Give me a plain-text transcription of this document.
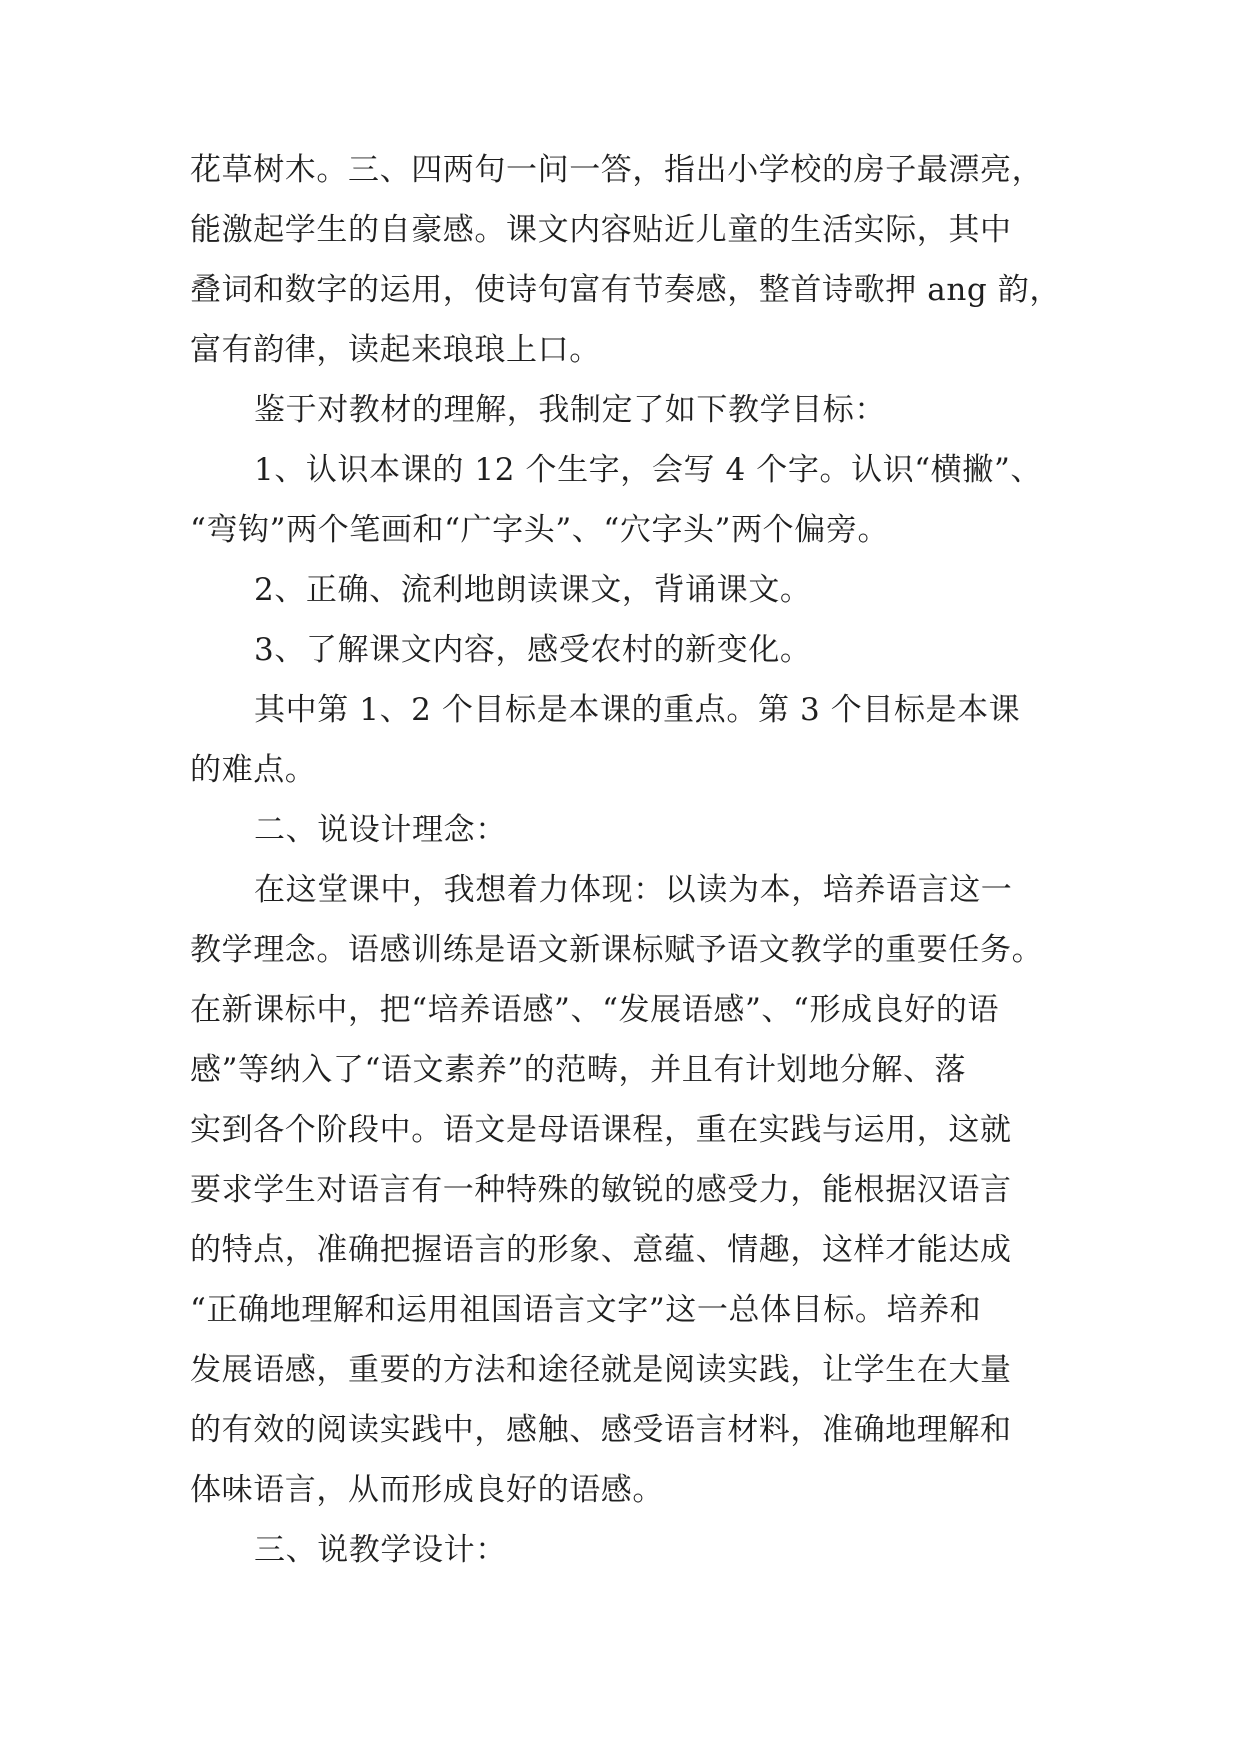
花草树木。三、四两句一问一答，指出小学校的房子最漂亮，
能激起学生的自豪感。课文内容贴近儿童的生活实际，其中
叠词和数字的运用，使诗句富有节奏感，整首诗歌押 ang 韵，
富有韵律，读起来琅琅上口。
鉴于对教材的理解，我制定了如下教学目标：
1、认识本课的 12 个生字，会写 4 个字。认识“横撇”、
“弯钩”两个笔画和“广字头”、“穴字头”两个偏旁。
2、正确、流利地朗读课文，背诵课文。
3、了解课文内容，感受农村的新变化。
其中第 1、2 个目标是本课的重点。第 3 个目标是本课
的难点。
二、说设计理念：
在这堂课中，我想着力体现：以读为本，培养语言这一
教学理念。语感训练是语文新课标赋予语文教学的重要任务。
在新课标中，把“培养语感”、“发展语感”、“形成良好的语
感”等纳入了“语文素养”的范畴，并且有计划地分解、落
实到各个阶段中。语文是母语课程，重在实践与运用，这就
要求学生对语言有一种特殊的敏锐的感受力，能根据汉语言
的特点，准确把握语言的形象、意蕴、情趣，这样才能达成
“正确地理解和运用祖国语言文字”这一总体目标。培养和
发展语感，重要的方法和途径就是阅读实践，让学生在大量
的有效的阅读实践中，感触、感受语言材料，准确地理解和
体味语言，从而形成良好的语感。
三、说教学设计：
